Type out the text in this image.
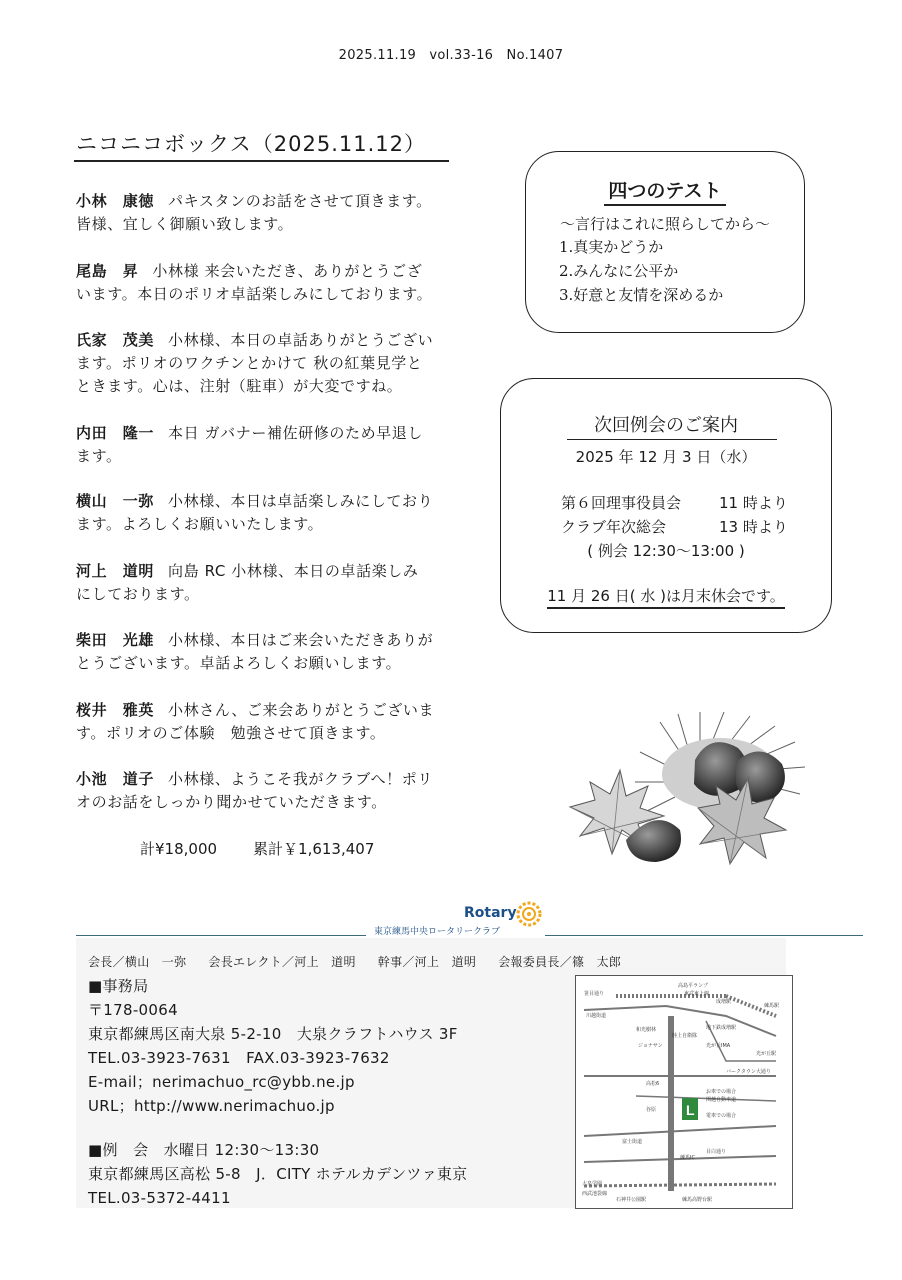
2025.11.19　vol.33-16　No.1407
ニコニコボックス（2025.11.12）
小林　康徳 パキスタンのお話をさせて頂きます。
皆様、宜しく御願い致します。
尾島　昇 小林様 来会いただき、ありがとうござ
います。本日のポリオ卓話楽しみにしております。
氏家　茂美 小林様、本日の卓話ありがとうござい
ます。ポリオのワクチンとかけて 秋の紅葉見学と
ときます。心は、注射（駐車）が大変ですね。
内田　隆一 本日 ガバナー補佐研修のため早退し
ます。
横山　一弥 小林様、本日は卓話楽しみにしており
ます。よろしくお願いいたします。
河上　道明 向島 RC 小林様、本日の卓話楽しみ
にしております。
柴田　光雄 小林様、本日はご来会いただきありが
とうございます。卓話よろしくお願いします。
桜井　雅英 小林さん、ご来会ありがとうございま
す。ポリオのご体験　勉強させて頂きます。
小池　道子 小林様、ようこそ我がクラブへ！ポリ
オのお話をしっかり聞かせていただきます。
計¥18,000 累計￥1,613,407
四つのテスト
～言行はこれに照らしてから～
1.真実かどうか
2.みんなに公平か
3.好意と友情を深めるか
次回例会のご案内
2025 年 12 月 3 日（水）
第６回理事役員会	11 時より
クラブ年次総会	13 時より
( 例会 12:30～13:00 )
11 月 26 日( 水 )は月末休会です。
Rotary
東京練馬中央ロータリークラブ
会長／横山　一弥 会長エレクト／河上　道明 幹事／河上　道明 会報委員長／篠　太郎
■事務局
〒178-0064
東京都練馬区南大泉 5-2-10　大泉クラフトハウス 3F
TEL.03-3923-7631　FAX.03-3923-7632
E-mail；nerimachuo_rc@ybb.ne.jp
URL；http://www.nerimachuo.jp
■例　会　水曜日 12:30～13:30
東京都練馬区高松 5-8　J．CITY ホテルカデンツァ東京
TEL.03-5372-4411
L
笹目通り
高島平ランプ
東武東上線
成増駅
川越街道
和光樹林
陸上自衛隊
練馬駅
地下鉄成増駅
光が丘駅
ジョナサン	光が丘IMA
バークタウン大通り
高松6
谷原
富士街道
目白通り
練馬IC
お車での場合
関越自動車道
電車での場合
石神井公園駅	練馬高野台駅
西武池袋線
大泉学園
